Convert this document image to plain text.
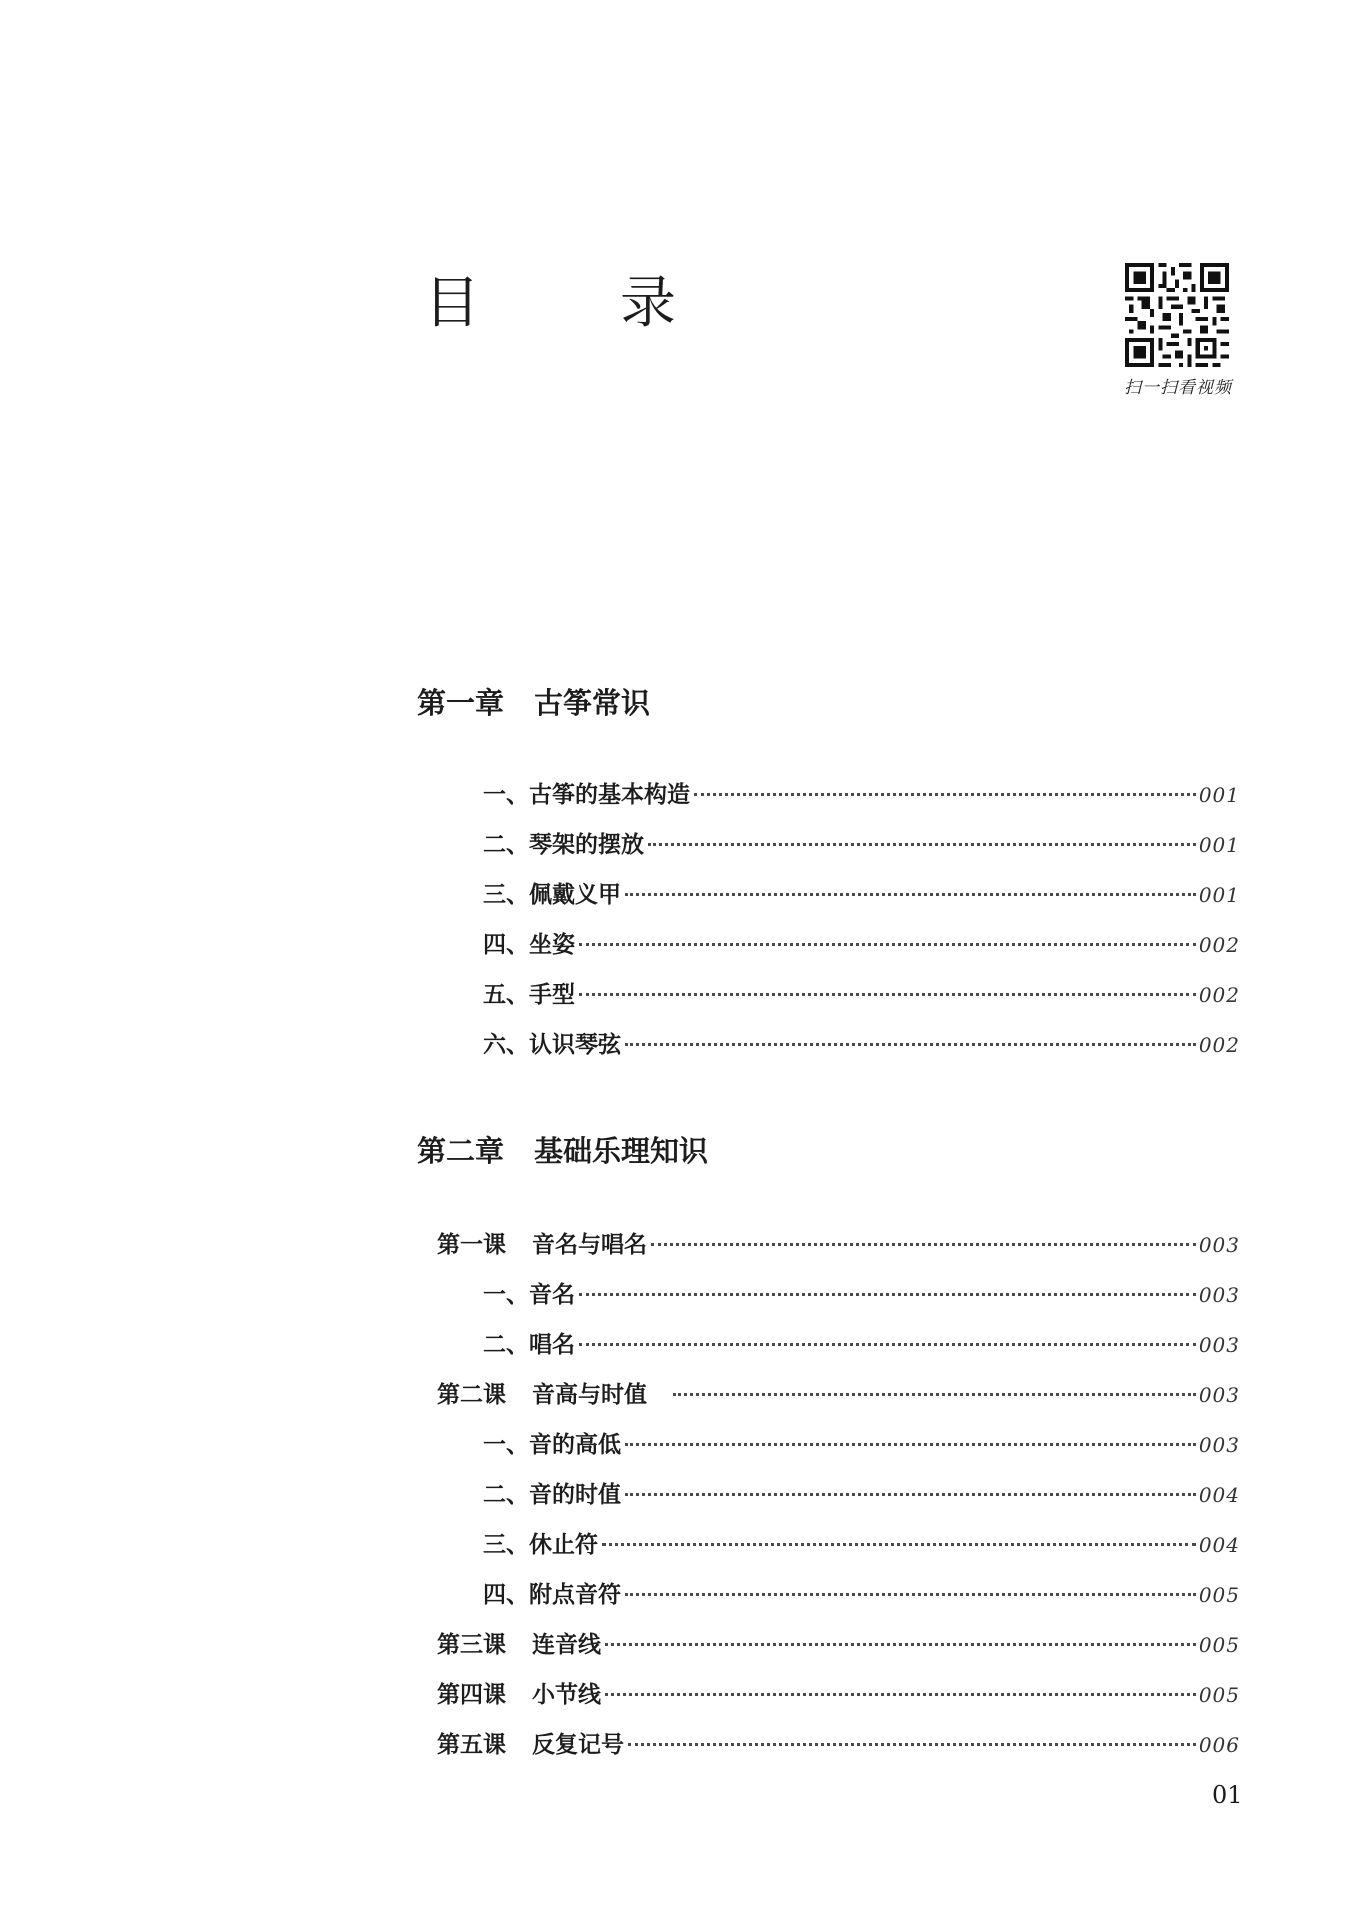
目　录
扫一扫看视频
第一章 古筝常识
一、古筝的基本构造	001
二、琴架的摆放	001
三、佩戴义甲	001
四、坐姿	002
五、手型	002
六、认识琴弦	002
第二章 基础乐理知识
第一课	音名与唱名	003
一、音名	003
二、唱名	003
第二课	音高与时值	003
一、音的高低	003
二、音的时值	004
三、休止符	004
四、附点音符	005
第三课	连音线	005
第四课	小节线	005
第五课	反复记号	006
01
